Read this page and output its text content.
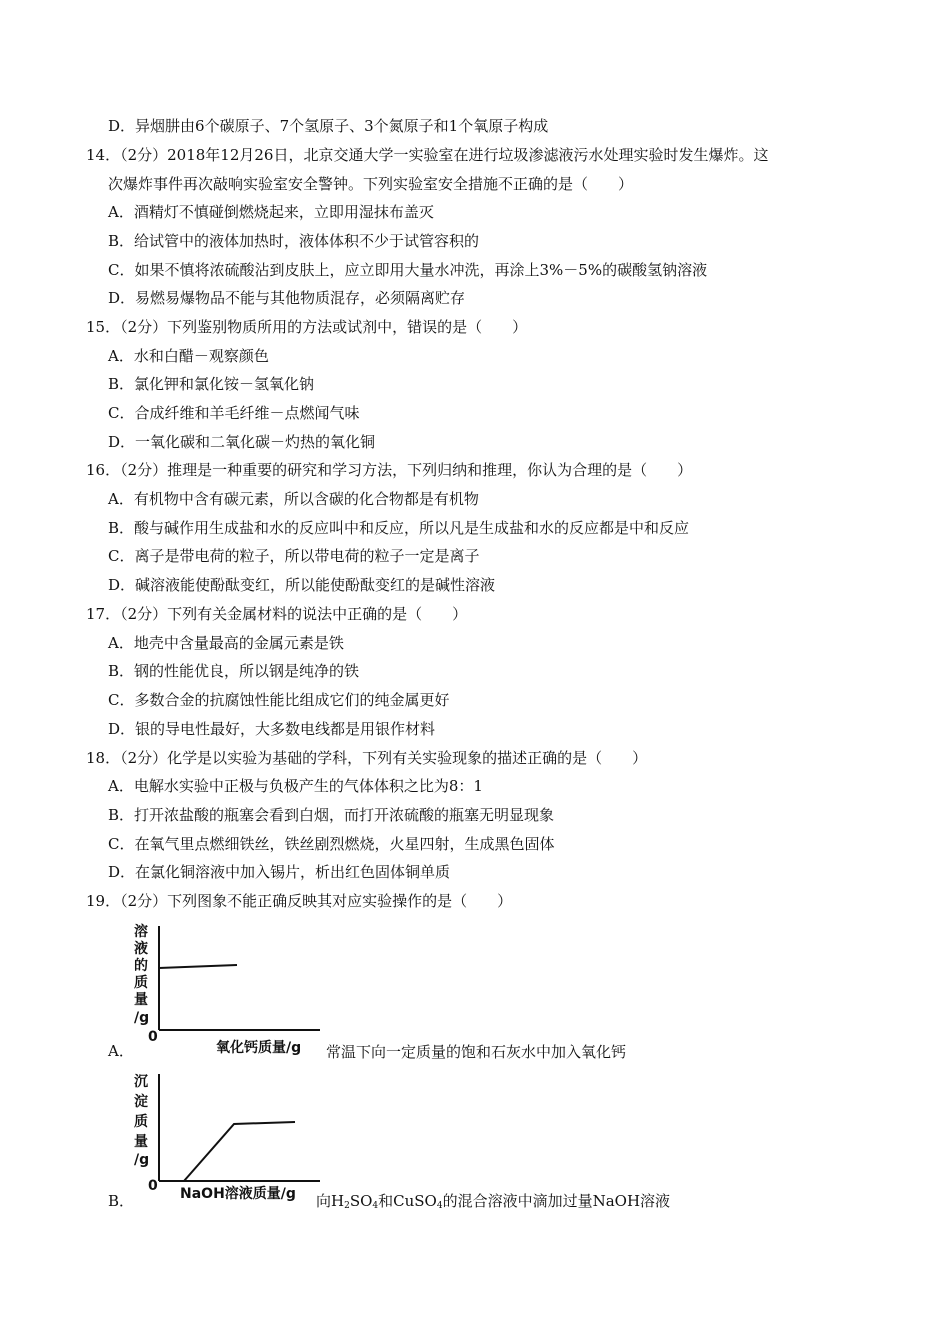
D．异烟肼由6个碳原子、7个氢原子、3个氮原子和1个氧原子构成
14．（2分）2018年12月26日，北京交通大学一实验室在进行垃圾渗滤液污水处理实验时发生爆炸。这
次爆炸事件再次敲响实验室安全警钟。下列实验室安全措施不正确的是（　　）
A．酒精灯不慎碰倒燃烧起来，立即用湿抹布盖灭
B．给试管中的液体加热时，液体体积不少于试管容积的
C．如果不慎将浓硫酸沾到皮肤上，应立即用大量水冲洗，再涂上3%－5%的碳酸氢钠溶液
D．易燃易爆物品不能与其他物质混存，必须隔离贮存
15．（2分）下列鉴别物质所用的方法或试剂中，错误的是（　　）
A．水和白醋－观察颜色
B．氯化钾和氯化铵－氢氧化钠
C．合成纤维和羊毛纤维－点燃闻气味
D．一氧化碳和二氧化碳－灼热的氧化铜
16．（2分）推理是一种重要的研究和学习方法，下列归纳和推理，你认为合理的是（　　）
A．有机物中含有碳元素，所以含碳的化合物都是有机物
B．酸与碱作用生成盐和水的反应叫中和反应，所以凡是生成盐和水的反应都是中和反应
C．离子是带电荷的粒子，所以带电荷的粒子一定是离子
D．碱溶液能使酚酞变红，所以能使酚酞变红的是碱性溶液
17．（2分）下列有关金属材料的说法中正确的是（　　）
A．地壳中含量最高的金属元素是铁
B．钢的性能优良，所以钢是纯净的铁
C．多数合金的抗腐蚀性能比组成它们的纯金属更好
D．银的导电性最好，大多数电线都是用银作材料
18．（2分）化学是以实验为基础的学科，下列有关实验现象的描述正确的是（　　）
A．电解水实验中正极与负极产生的气体体积之比为8：1
B．打开浓盐酸的瓶塞会看到白烟，而打开浓硫酸的瓶塞无明显现象
C．在氧气里点燃细铁丝，铁丝剧烈燃烧，火星四射，生成黑色固体
D．在氯化铜溶液中加入锡片，析出红色固体铜单质
19．（2分）下列图象不能正确反映其对应实验操作的是（　　）
A．
溶
液
的
质
量
/g
0
氧化钙质量/g 常温下向一定质量的饱和石灰水中加入氧化钙
B．
沉
淀
质
量
/g
0 NaOH溶液质量/g 向$H_2SO_4$和CuSO$_4$的混合溶液中滴加过量NaOH溶液
